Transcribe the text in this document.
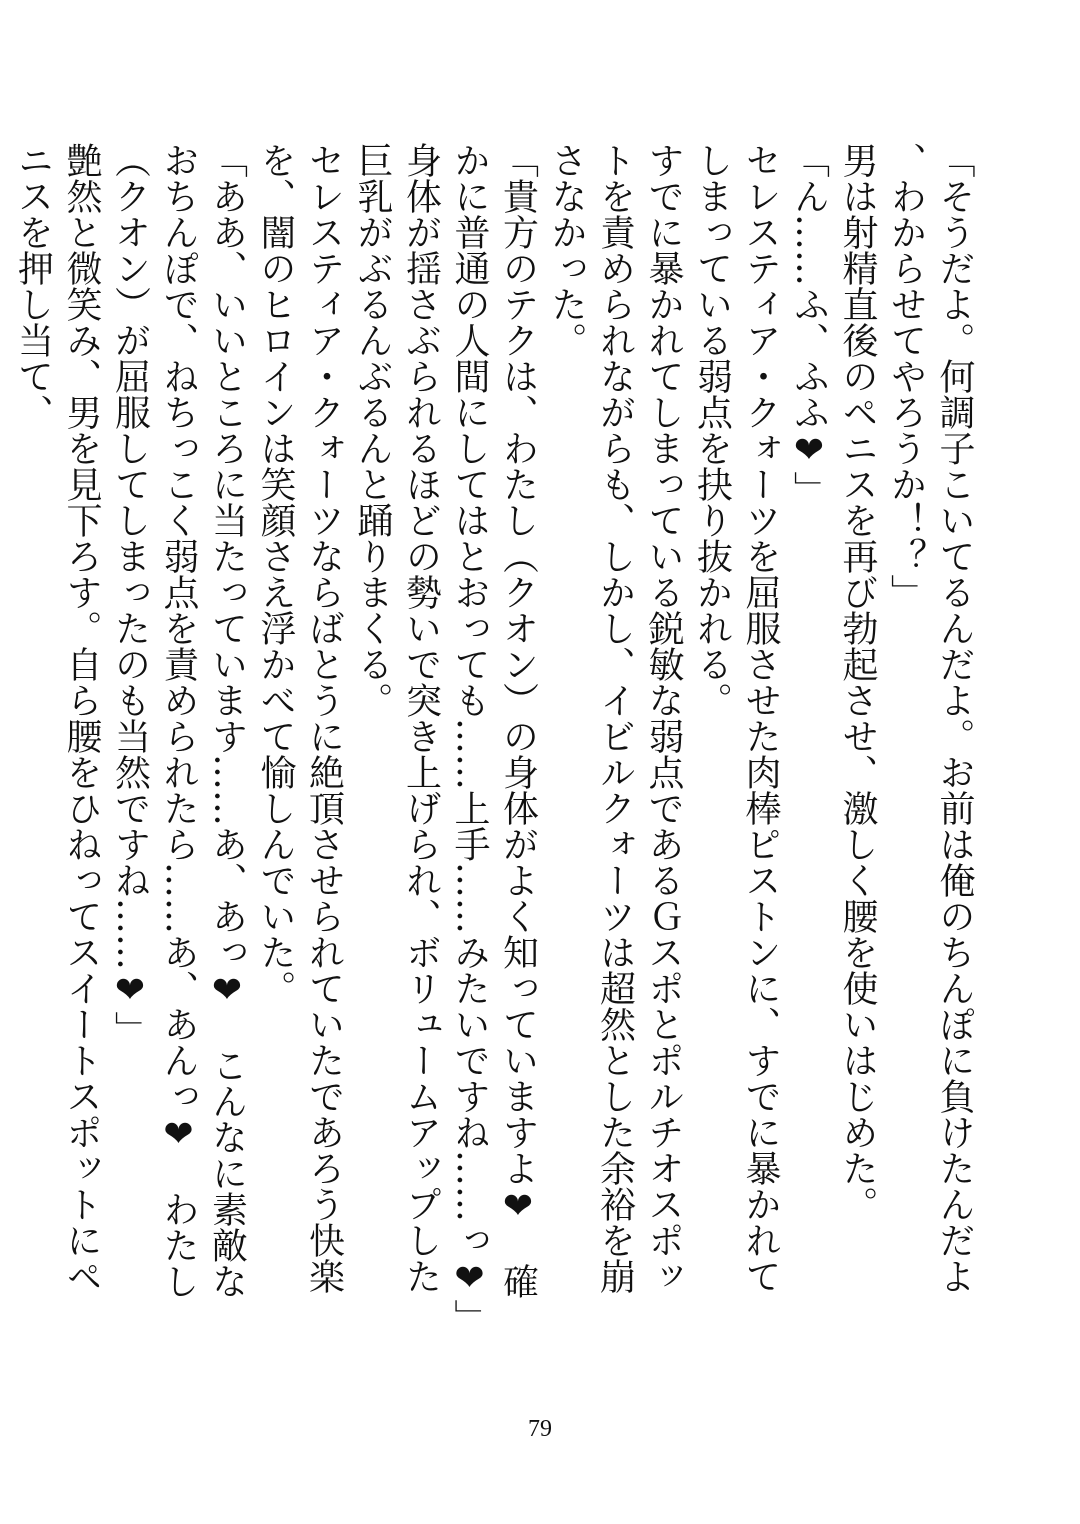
「そうだよ。何調子こいてるんだよ。お前は俺のちんぽに負けたんだよ、わからせてやろうか！？」

男は射精直後のペニスを再び勃起させ、激しく腰を使いはじめた。

「ん……ふ、ふふ❤」

セレスティア・クォーツを屈服させた肉棒ピストンに、すでに暴かれてしまっている弱点を抉り抜かれる。

すでに暴かれてしまっている鋭敏な弱点であるＧスポとポルチオスポットを責められながらも、しかし、イビルクォーツは超然とした余裕を崩さなかった。

「貴方のテクは、わたし（クオン）の身体がよく知っていますよ❤　確かに普通の人間にしてはとおっても……上手……みたいですね……っ❤」

身体が揺さぶられるほどの勢いで突き上げられ、ボリュームアップした巨乳がぶるんぶるんと踊りまくる。

セレスティア・クォーツならばとうに絶頂させられていたであろう快楽を、闇のヒロインは笑顔さえ浮かべて愉しんでいた。

「ああ、いいところに当たっています……あ、あっ❤　こんなに素敵なおちんぽで、ねちっこく弱点を責められたら……あ、あんっ❤　わたし（クオン）が屈服してしまったのも当然ですね……❤」

艶然と微笑み、男を見下ろす。自ら腰をひねってスイートスポットにペニスを押し当て、

79
